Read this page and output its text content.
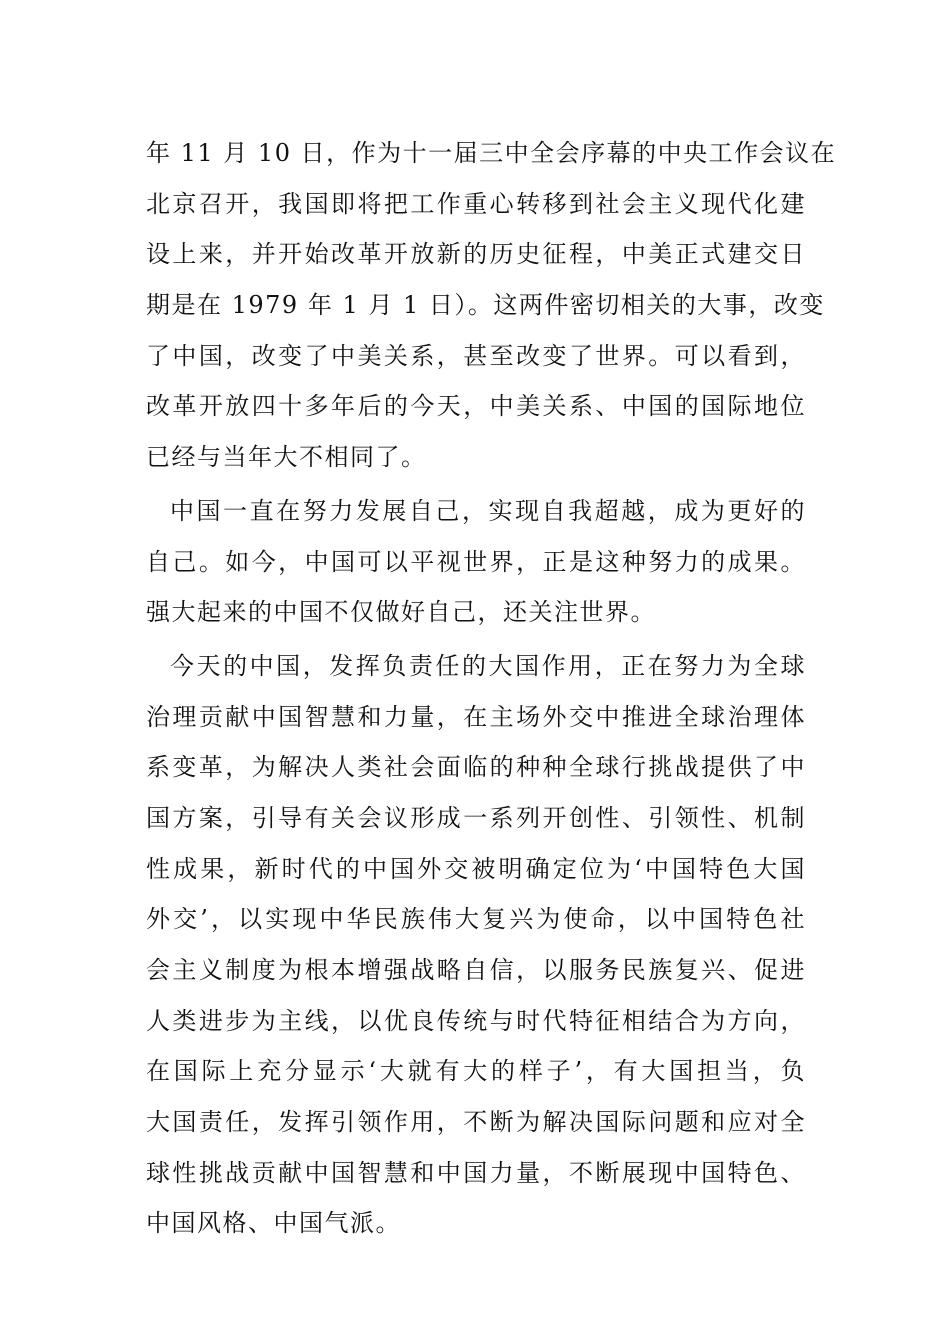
年 11 月 10 日，作为十一届三中全会序幕的中央工作会议在
北京召开，我国即将把工作重心转移到社会主义现代化建
设上来，并开始改革开放新的历史征程，中美正式建交日
期是在 1979 年 1 月 1 日）。这两件密切相关的大事，改变
了中国，改变了中美关系，甚至改变了世界。可以看到，
改革开放四十多年后的今天，中美关系、中国的国际地位
已经与当年大不相同了。
中国一直在努力发展自己，实现自我超越，成为更好的
自己。如今，中国可以平视世界，正是这种努力的成果。
强大起来的中国不仅做好自己，还关注世界。
今天的中国，发挥负责任的大国作用，正在努力为全球
治理贡献中国智慧和力量，在主场外交中推进全球治理体
系变革，为解决人类社会面临的种种全球行挑战提供了中
国方案，引导有关会议形成一系列开创性、引领性、机制
性成果，新时代的中国外交被明确定位为‘中国特色大国
外交’，以实现中华民族伟大复兴为使命，以中国特色社
会主义制度为根本增强战略自信，以服务民族复兴、促进
人类进步为主线，以优良传统与时代特征相结合为方向，
在国际上充分显示‘大就有大的样子’，有大国担当，负
大国责任，发挥引领作用，不断为解决国际问题和应对全
球性挑战贡献中国智慧和中国力量，不断展现中国特色、
中国风格、中国气派。
